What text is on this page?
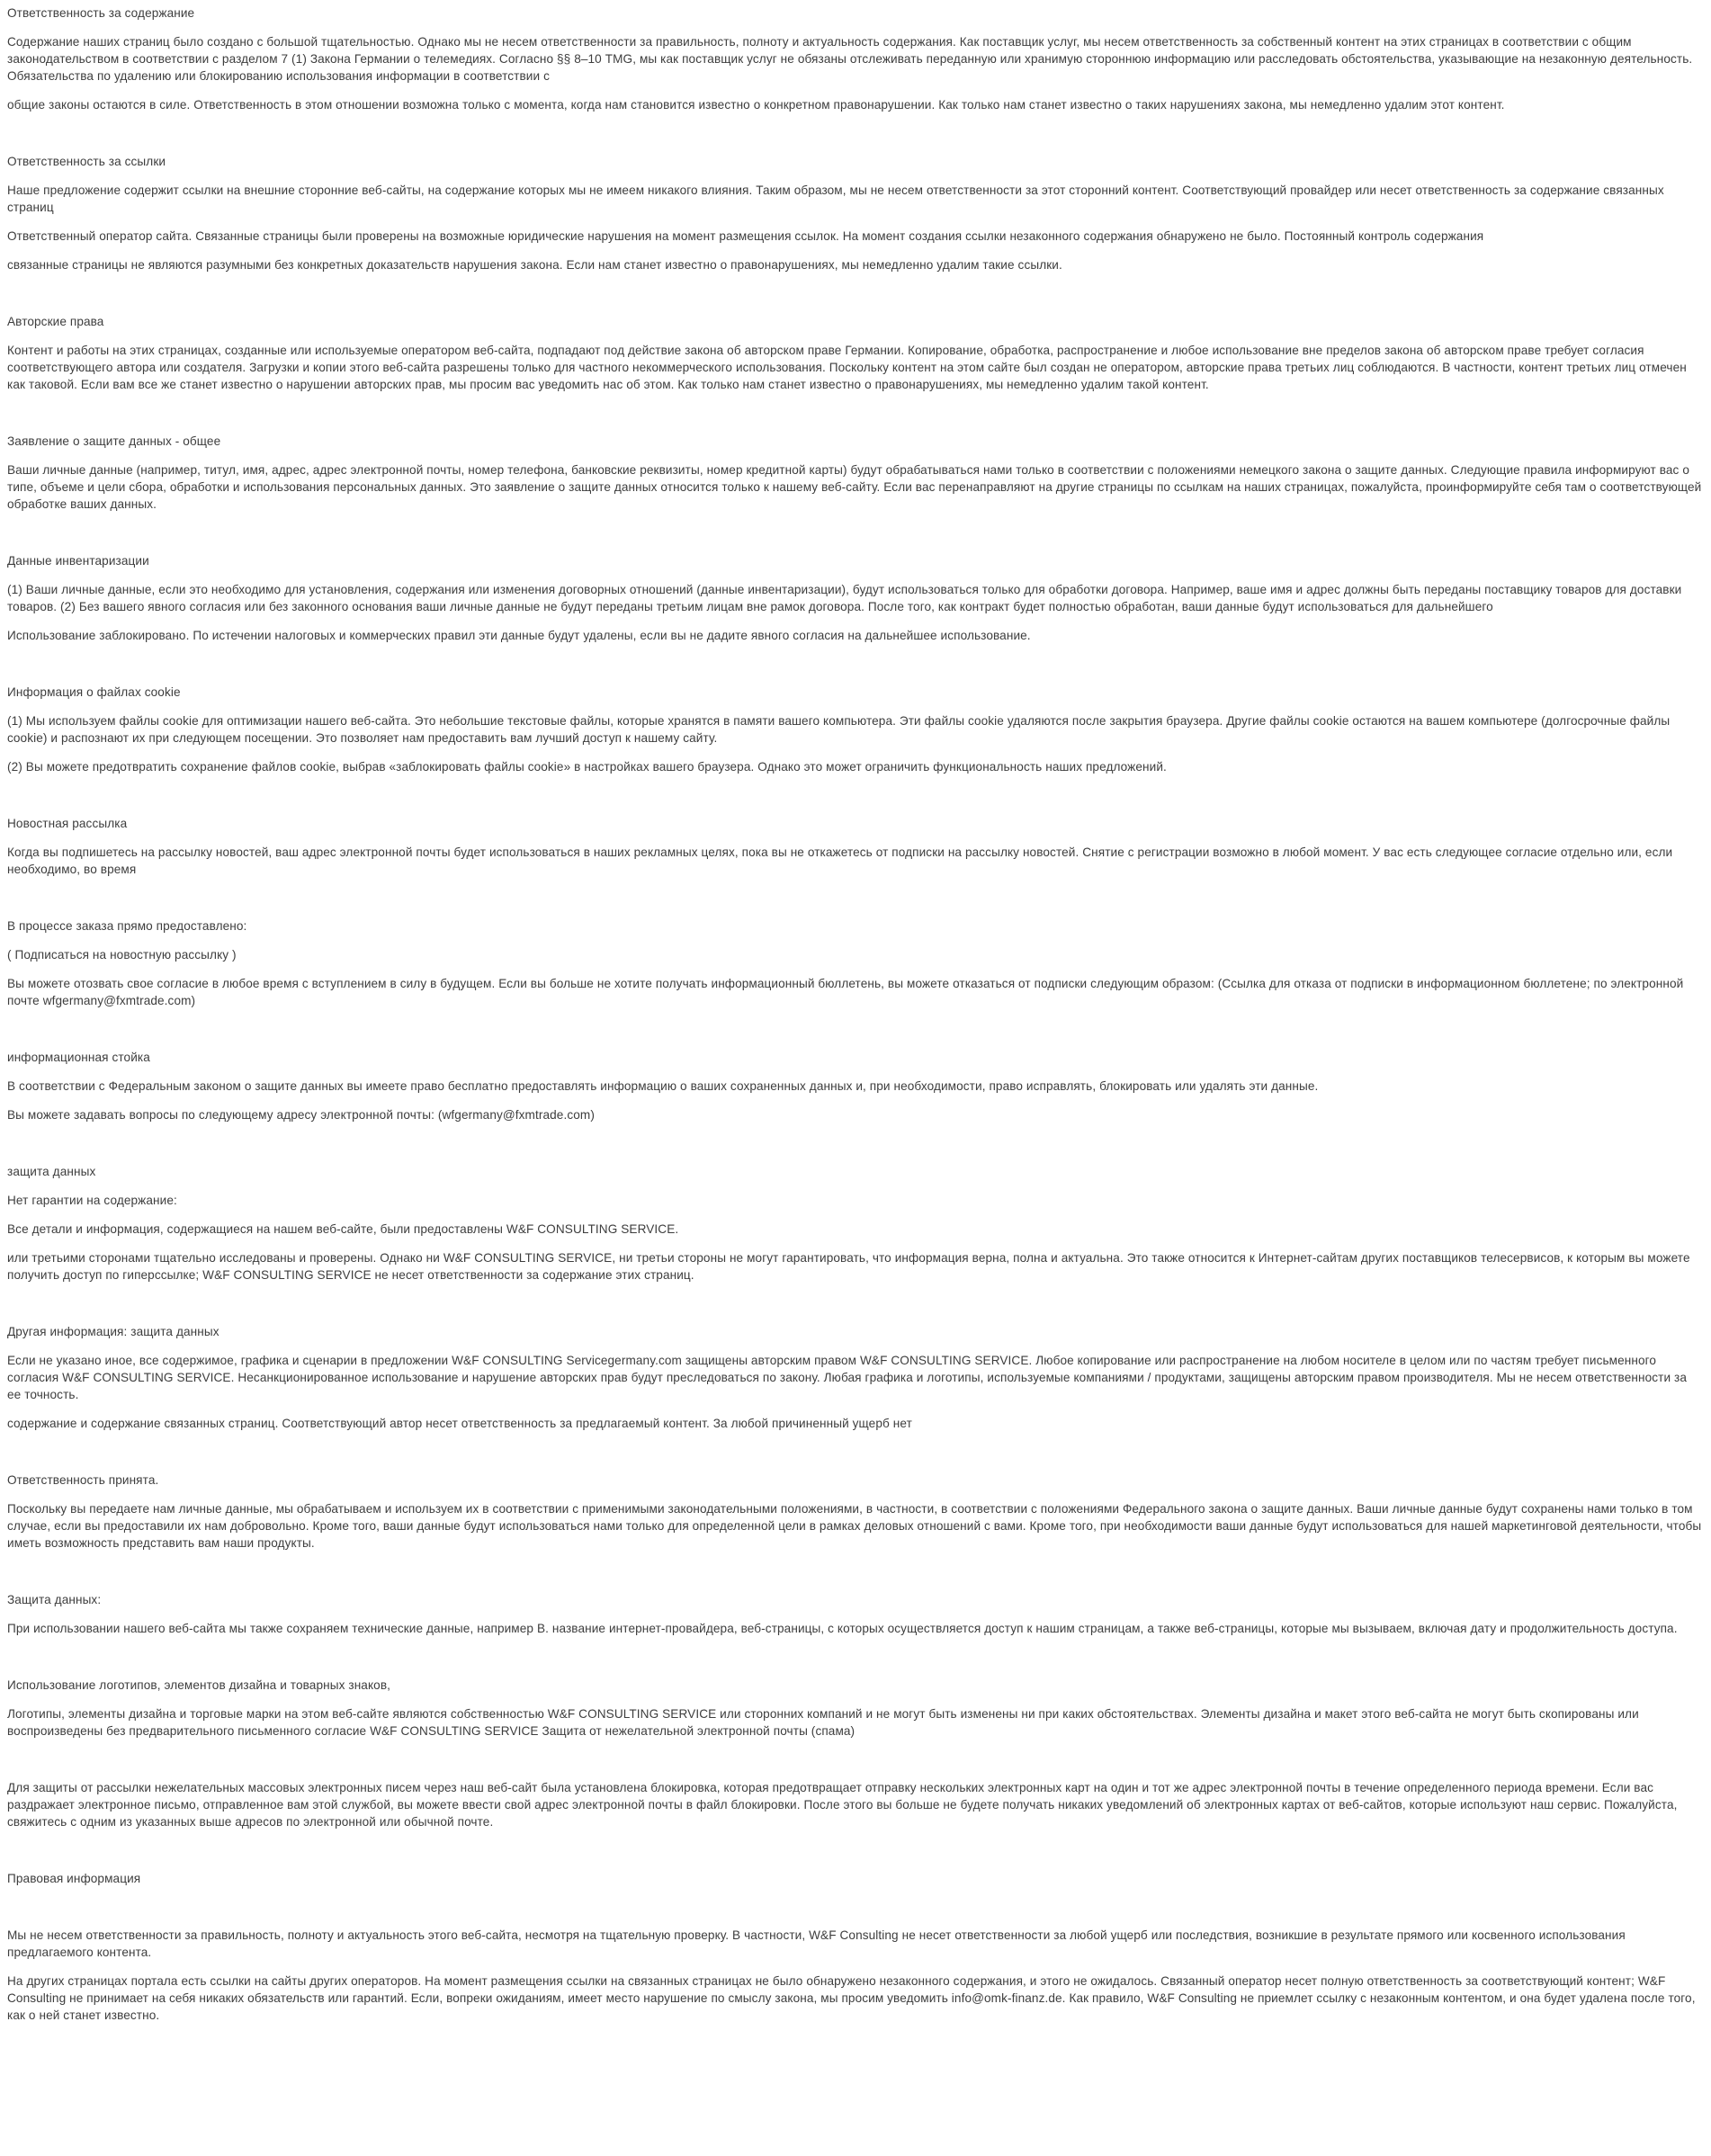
Ответственность за содержание
Содержание наших страниц было создано с большой тщательностью. Однако мы не несем ответственности за правильность, полноту и актуальность содержания. Как поставщик услуг, мы несем ответственность за собственный контент на этих страницах в соответствии с общим законодательством в соответствии с разделом 7 (1) Закона Германии о телемедиях. Согласно §§ 8–10 TMG, мы как поставщик услуг не обязаны отслеживать переданную или хранимую стороннюю информацию или расследовать обстоятельства, указывающие на незаконную деятельность. Обязательства по удалению или блокированию использования информации в соответствии с
общие законы остаются в силе. Ответственность в этом отношении возможна только с момента, когда нам становится известно о конкретном правонарушении. Как только нам станет известно о таких нарушениях закона, мы немедленно удалим этот контент.
Ответственность за ссылки
Наше предложение содержит ссылки на внешние сторонние веб-сайты, на содержание которых мы не имеем никакого влияния. Таким образом, мы не несем ответственности за этот сторонний контент. Соответствующий провайдер или несет ответственность за содержание связанных страниц
Ответственный оператор сайта. Связанные страницы были проверены на возможные юридические нарушения на момент размещения ссылок. На момент создания ссылки незаконного содержания обнаружено не было. Постоянный контроль содержания
связанные страницы не являются разумными без конкретных доказательств нарушения закона. Если нам станет известно о правонарушениях, мы немедленно удалим такие ссылки.
Авторские права
Контент и работы на этих страницах, созданные или используемые оператором веб-сайта, подпадают под действие закона об авторском праве Германии. Копирование, обработка, распространение и любое использование вне пределов закона об авторском праве требует согласия соответствующего автора или создателя. Загрузки и копии этого веб-сайта разрешены только для частного некоммерческого использования. Поскольку контент на этом сайте был создан не оператором, авторские права третьих лиц соблюдаются. В частности, контент третьих лиц отмечен как таковой. Если вам все же станет известно о нарушении авторских прав, мы просим вас уведомить нас об этом. Как только нам станет известно о правонарушениях, мы немедленно удалим такой контент.
Заявление о защите данных - общее
Ваши личные данные (например, титул, имя, адрес, адрес электронной почты, номер телефона, банковские реквизиты, номер кредитной карты) будут обрабатываться нами только в соответствии с положениями немецкого закона о защите данных. Следующие правила информируют вас о типе, объеме и цели сбора, обработки и использования персональных данных. Это заявление о защите данных относится только к нашему веб-сайту. Если вас перенаправляют на другие страницы по ссылкам на наших страницах, пожалуйста, проинформируйте себя там о соответствующей обработке ваших данных.
Данные инвентаризации
(1) Ваши личные данные, если это необходимо для установления, содержания или изменения договорных отношений (данные инвентаризации), будут использоваться только для обработки договора. Например, ваше имя и адрес должны быть переданы поставщику товаров для доставки товаров. (2) Без вашего явного согласия или без законного основания ваши личные данные не будут переданы третьим лицам вне рамок договора. После того, как контракт будет полностью обработан, ваши данные будут использоваться для дальнейшего
Использование заблокировано. По истечении налоговых и коммерческих правил эти данные будут удалены, если вы не дадите явного согласия на дальнейшее использование.
Информация о файлах cookie
(1) Мы используем файлы cookie для оптимизации нашего веб-сайта. Это небольшие текстовые файлы, которые хранятся в памяти вашего компьютера. Эти файлы cookie удаляются после закрытия браузера. Другие файлы cookie остаются на вашем компьютере (долгосрочные файлы cookie) и распознают их при следующем посещении. Это позволяет нам предоставить вам лучший доступ к нашему сайту.
(2) Вы можете предотвратить сохранение файлов cookie, выбрав «заблокировать файлы cookie» в настройках вашего браузера. Однако это может ограничить функциональность наших предложений.
Новостная рассылка
Когда вы подпишетесь на рассылку новостей, ваш адрес электронной почты будет использоваться в наших рекламных целях, пока вы не откажетесь от подписки на рассылку новостей. Снятие с регистрации возможно в любой момент. У вас есть следующее согласие отдельно или, если необходимо, во время
В процессе заказа прямо предоставлено:
( Подписаться на новостную рассылку )
Вы можете отозвать свое согласие в любое время с вступлением в силу в будущем. Если вы больше не хотите получать информационный бюллетень, вы можете отказаться от подписки следующим образом: (Ссылка для отказа от подписки в информационном бюллетене; по электронной почте wfgermany@fxmtrade.com)
информационная стойка
В соответствии с Федеральным законом о защите данных вы имеете право бесплатно предоставлять информацию о ваших сохраненных данных и, при необходимости, право исправлять, блокировать или удалять эти данные.
Вы можете задавать вопросы по следующему адресу электронной почты: (wfgermany@fxmtrade.com)
защита данных
Нет гарантии на содержание:
Все детали и информация, содержащиеся на нашем веб-сайте, были предоставлены W&F CONSULTING SERVICE.
или третьими сторонами тщательно исследованы и проверены. Однако ни W&F CONSULTING SERVICE, ни третьи стороны не могут гарантировать, что информация верна, полна и актуальна. Это также относится к Интернет-сайтам других поставщиков телесервисов, к которым вы можете получить доступ по гиперссылке; W&F CONSULTING SERVICE не несет ответственности за содержание этих страниц.
Другая информация: защита данных
Если не указано иное, все содержимое, графика и сценарии в предложении W&F CONSULTING Servicegermany.com защищены авторским правом W&F CONSULTING SERVICE. Любое копирование или распространение на любом носителе в целом или по частям требует письменного согласия W&F CONSULTING SERVICE. Несанкционированное использование и нарушение авторских прав будут преследоваться по закону. Любая графика и логотипы, используемые компаниями / продуктами, защищены авторским правом производителя. Мы не несем ответственности за ее точность.
содержание и содержание связанных страниц. Соответствующий автор несет ответственность за предлагаемый контент. За любой причиненный ущерб нет
Ответственность принята.
Поскольку вы передаете нам личные данные, мы обрабатываем и используем их в соответствии с применимыми законодательными положениями, в частности, в соответствии с положениями Федерального закона о защите данных. Ваши личные данные будут сохранены нами только в том случае, если вы предоставили их нам добровольно. Кроме того, ваши данные будут использоваться нами только для определенной цели в рамках деловых отношений с вами. Кроме того, при необходимости ваши данные будут использоваться для нашей маркетинговой деятельности, чтобы иметь возможность представить вам наши продукты.
Защита данных:
При использовании нашего веб-сайта мы также сохраняем технические данные, например В. название интернет-провайдера, веб-страницы, с которых осуществляется доступ к нашим страницам, а также веб-страницы, которые мы вызываем, включая дату и продолжительность доступа.
Использование логотипов, элементов дизайна и товарных знаков,
Логотипы, элементы дизайна и торговые марки на этом веб-сайте являются собственностью W&F CONSULTING SERVICE или сторонних компаний и не могут быть изменены ни при каких обстоятельствах. Элементы дизайна и макет этого веб-сайта не могут быть скопированы или воспроизведены без предварительного письменного согласие W&F CONSULTING SERVICE Защита от нежелательной электронной почты (спама)
Для защиты от рассылки нежелательных массовых электронных писем через наш веб-сайт была установлена блокировка, которая предотвращает отправку нескольких электронных карт на один и тот же адрес электронной почты в течение определенного периода времени. Если вас раздражает электронное письмо, отправленное вам этой службой, вы можете ввести свой адрес электронной почты в файл блокировки. После этого вы больше не будете получать никаких уведомлений об электронных картах от веб-сайтов, которые используют наш сервис. Пожалуйста, свяжитесь с одним из указанных выше адресов по электронной или обычной почте.
Правовая информация
Мы не несем ответственности за правильность, полноту и актуальность этого веб-сайта, несмотря на тщательную проверку. В частности, W&F Consulting не несет ответственности за любой ущерб или последствия, возникшие в результате прямого или косвенного использования предлагаемого контента.
На других страницах портала есть ссылки на сайты других операторов. На момент размещения ссылки на связанных страницах не было обнаружено незаконного содержания, и этого не ожидалось. Связанный оператор несет полную ответственность за соответствующий контент; W&F Consulting не принимает на себя никаких обязательств или гарантий. Если, вопреки ожиданиям, имеет место нарушение по смыслу закона, мы просим уведомить info@omk-finanz.de. Как правило, W&F Consulting не приемлет ссылку с незаконным контентом, и она будет удалена после того, как о ней станет известно.
